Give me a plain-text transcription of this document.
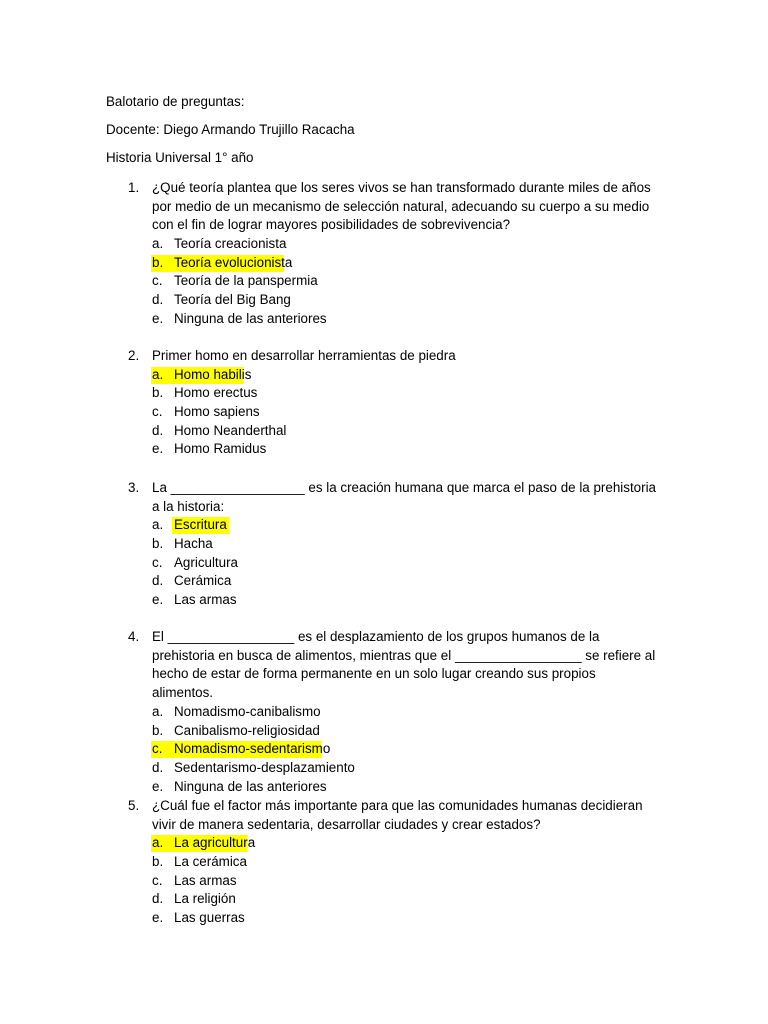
Balotario de preguntas:

Docente: Diego Armando Trujillo Racacha

Historia Universal 1° año

1. ¿Qué teoría plantea que los seres vivos se han transformado durante miles de años por medio de un mecanismo de selección natural, adecuando su cuerpo a su medio con el fin de lograr mayores posibilidades de sobrevivencia?
a. Teoría creacionista
b. Teoría evolucionista
c. Teoría de la panspermia
d. Teoría del Big Bang
e. Ninguna de las anteriores
2. Primer homo en desarrollar herramientas de piedra
a. Homo habilis
b. Homo erectus
c. Homo sapiens
d. Homo Neanderthal
e. Homo Ramidus
3. La __________________ es la creación humana que marca el paso de la prehistoria a la historia:
a. Escritura
b. Hacha
c. Agricultura
d. Cerámica
e. Las armas
4. El _________________ es el desplazamiento de los grupos humanos de la prehistoria en busca de alimentos, mientras que el _________________ se refiere al hecho de estar de forma permanente en un solo lugar creando sus propios alimentos.
a. Nomadismo-canibalismo
b. Canibalismo-religiosidad
c. Nomadismo-sedentarismo
d. Sedentarismo-desplazamiento
e. Ninguna de las anteriores
5. ¿Cuál fue el factor más importante para que las comunidades humanas decidieran vivir de manera sedentaria, desarrollar ciudades y crear estados?
a. La agricultura
b. La cerámica
c. Las armas
d. La religión
e. Las guerras
